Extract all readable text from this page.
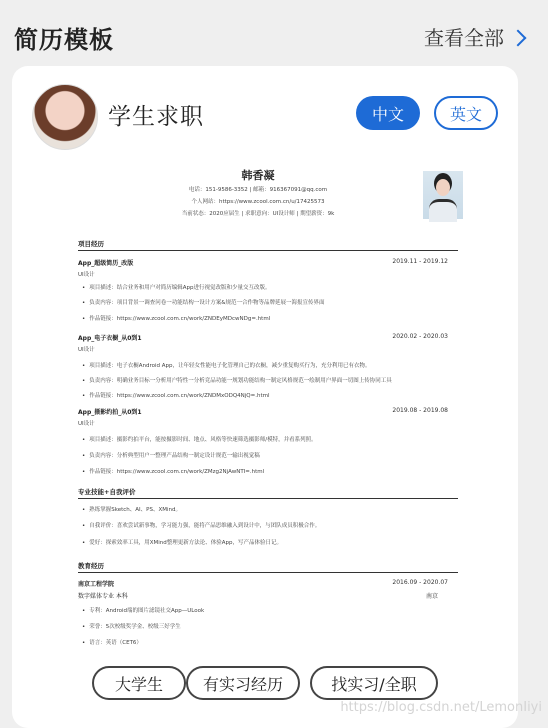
简历模板	查看全部
学生求职	中文	英文
韩香凝
电话：151-9586-3352 | 邮箱：916367091@qq.com
个人网站：https://www.zcool.com.cn/u/17425573
当前状态：2020应届生 | 求职意向：UI设计师 | 期望薪资：9k
项目经历
App_超级简历_改版	2019.11 - 2019.12
UI设计
• 项目描述：结合业务和用户对简历编辑App进行视觉改版和少量交互改版。
• 负责内容：项目背景一调查问卷一功能结构一设计方案&规范一合作物等品牌延展一海报宣传界面
• 作品链接：https://www.zcool.com.cn/work/ZNDEyMDcwNDg=.html
App_电子衣橱_从0到1	2020.02 - 2020.03
UI设计
• 项目描述：电子衣橱Android App，让年轻女性能电子化管理自己的衣橱，减少重复购买行为，充分利用已有衣物。
• 负责内容：明确业务目标一分析用户特性一分析竞品功能一规划功能结构一制定风格规范一绘制用户界面一切图上传协同工具
• 作品链接：https://www.zcool.com.cn/work/ZNDMxODQ4NjQ=.html
App_摄影约拍_从0到1	2019.08 - 2019.08
UI设计
• 项目描述：摄影约拍平台，能按摄影时间、地点、风格等快速筛选摄影师/模特，并看系列照。
• 负责内容：分析典型用户一整理产品结构一制定设计规范一输出视觉稿
• 作品链接：https://www.zcool.com.cn/work/ZMzg2NjAwNTI=.html
专业技能+自我评价
• 熟练掌握Sketch、AI、PS、XMind。
• 自我评价：喜欢尝试新事物，学习能力强，能将产品思维融入到设计中，与团队成员积极合作。
• 爱好：探索效率工具，用XMind整理更新方法论、体验App，写产品体验日记。
教育经历
南京工程学院	2016.09 - 2020.07
数字媒体专业 本科	南京
• 专利：Android端的图片滤镜社交App—ULook
• 荣誉：5次校级奖学金、校级三好学生
• 语言：英语（CET6）
大学生	有实习经历	找实习/全职
https://blog.csdn.net/LemonIiyi
